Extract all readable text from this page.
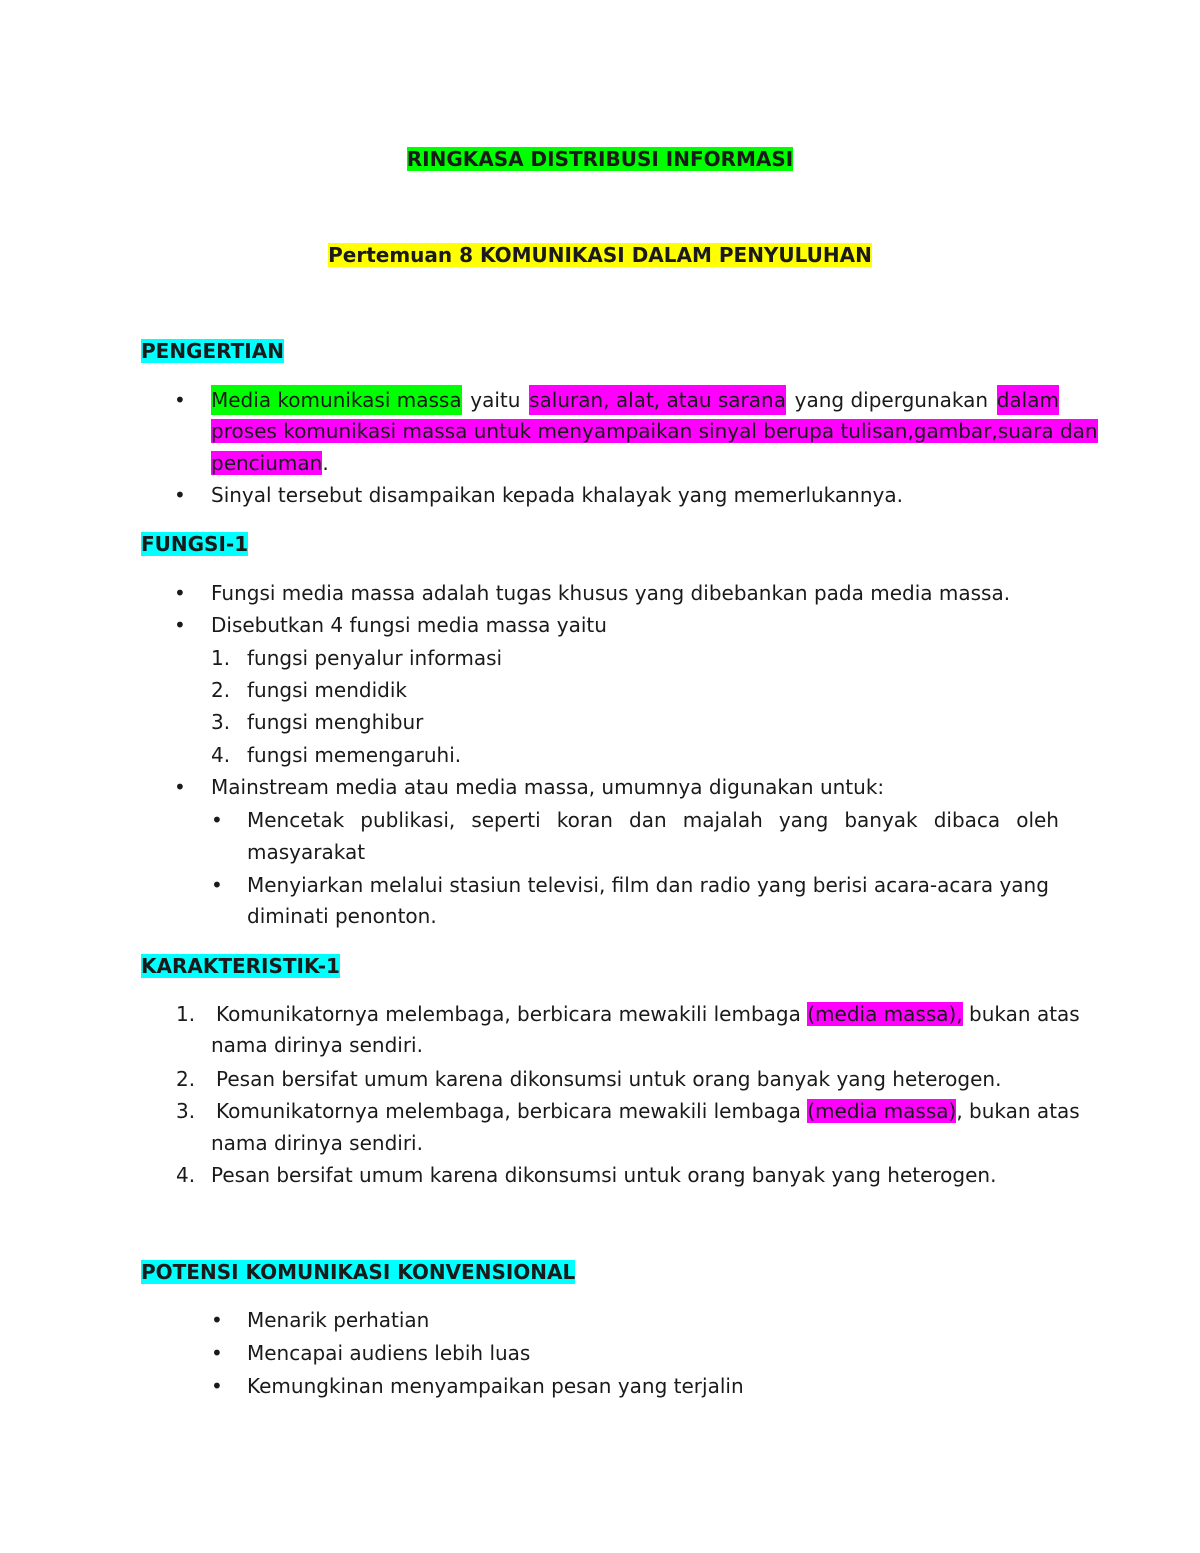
RINGKASA DISTRIBUSI INFORMASI
Pertemuan 8 KOMUNIKASI DALAM PENYULUHAN
PENGERTIAN
• Media komunikasi massa yaitu saluran, alat, atau sarana yang dipergunakan dalam
proses komunikasi massa untuk menyampaikan sinyal berupa tulisan,gambar,suara dan
penciuman.
• Sinyal tersebut disampaikan kepada khalayak yang memerlukannya.
FUNGSI-1
• Fungsi media massa adalah tugas khusus yang dibebankan pada media massa.
• Disebutkan 4 fungsi media massa yaitu
1. fungsi penyalur informasi
2. fungsi mendidik
3. fungsi menghibur
4. fungsi memengaruhi.
• Mainstream media atau media massa, umumnya digunakan untuk:
• Mencetak publikasi, seperti koran dan majalah yang banyak dibaca oleh
masyarakat
• Menyiarkan melalui stasiun televisi, film dan radio yang berisi acara-acara yang
diminati penonton.
KARAKTERISTIK-1
1. Komunikatornya melembaga, berbicara mewakili lembaga (media massa), bukan atas
nama dirinya sendiri.
2. Pesan bersifat umum karena dikonsumsi untuk orang banyak yang heterogen.
3. Komunikatornya melembaga, berbicara mewakili lembaga (media massa), bukan atas
nama dirinya sendiri.
4. Pesan bersifat umum karena dikonsumsi untuk orang banyak yang heterogen.
POTENSI KOMUNIKASI KONVENSIONAL
• Menarik perhatian
• Mencapai audiens lebih luas
• Kemungkinan menyampaikan pesan yang terjalin
